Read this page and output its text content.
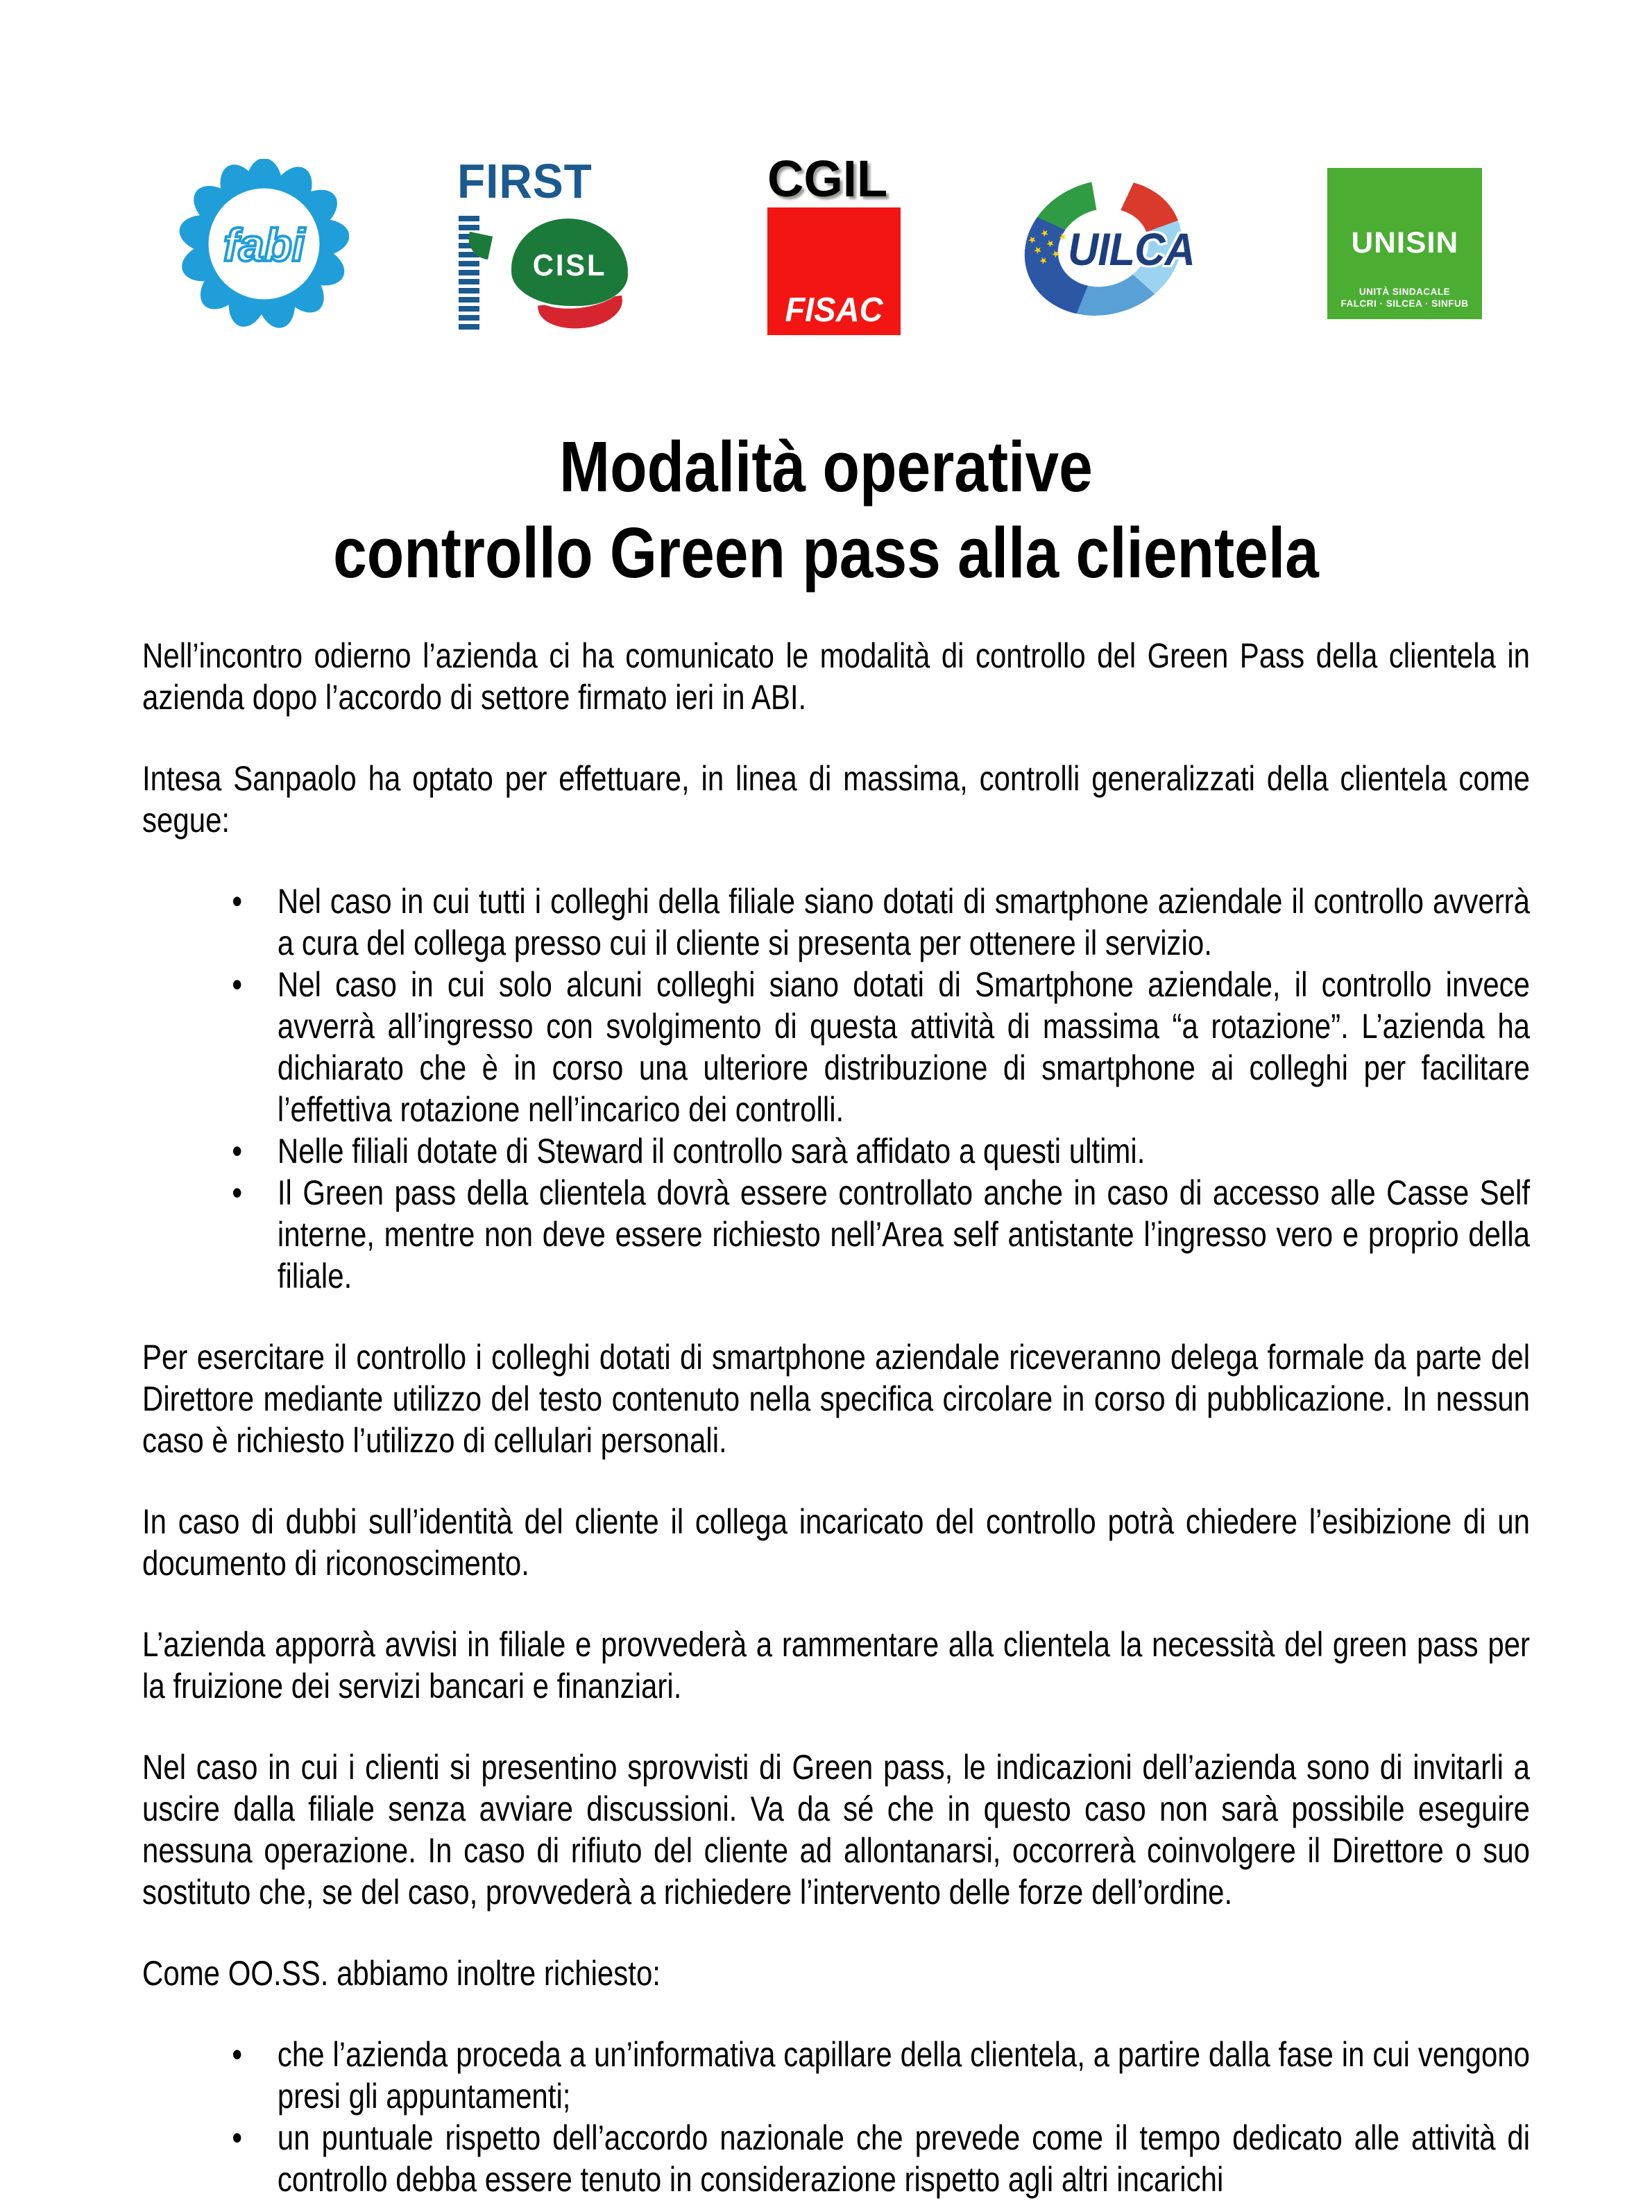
fabi
FIRST
CISL
CGIL
FISAC
★ ★ ★ ★ ★ ★ ★
UILCA	UNISIN
UNITÀ SINDACALE
FALCRI · SILCEA · SINFUB
Modalità operative
controllo Green pass alla clientela

Nell’incontro odierno l’azienda ci ha comunicato le modalità di controllo del Green Pass della clientela in azienda dopo l’accordo di settore firmato ieri in ABI.

Intesa Sanpaolo ha optato per effettuare, in linea di massima, controlli generalizzati della clientela come segue:

• Nel caso in cui tutti i colleghi della filiale siano dotati di smartphone aziendale il controllo avverrà a cura del collega presso cui il cliente si presenta per ottenere il servizio.
• Nel caso in cui solo alcuni colleghi siano dotati di Smartphone aziendale, il controllo invece avverrà all’ingresso con svolgimento di questa attività di massima “a rotazione”. L’azienda ha dichiarato che è in corso una ulteriore distribuzione di smartphone ai colleghi per facilitare l’effettiva rotazione nell’incarico dei controlli.
• Nelle filiali dotate di Steward il controllo sarà affidato a questi ultimi.
• Il Green pass della clientela dovrà essere controllato anche in caso di accesso alle Casse Self interne, mentre non deve essere richiesto nell’Area self antistante l’ingresso vero e proprio della filiale.

Per esercitare il controllo i colleghi dotati di smartphone aziendale riceveranno delega formale da parte del Direttore mediante utilizzo del testo contenuto nella specifica circolare in corso di pubblicazione. In nessun caso è richiesto l’utilizzo di cellulari personali.

In caso di dubbi sull’identità del cliente il collega incaricato del controllo potrà chiedere l’esibizione di un documento di riconoscimento.

L’azienda apporrà avvisi in filiale e provvederà a rammentare alla clientela la necessità del green pass per la fruizione dei servizi bancari e finanziari.

Nel caso in cui i clienti si presentino sprovvisti di Green pass, le indicazioni dell’azienda sono di invitarli a uscire dalla filiale senza avviare discussioni. Va da sé che in questo caso non sarà possibile eseguire nessuna operazione. In caso di rifiuto del cliente ad allontanarsi, occorrerà coinvolgere il Direttore o suo sostituto che, se del caso, provvederà a richiedere l’intervento delle forze dell’ordine.

Come OO.SS. abbiamo inoltre richiesto:

• che l’azienda proceda a un’informativa capillare della clientela, a partire dalla fase in cui vengono presi gli appuntamenti;
• un puntuale rispetto dell’accordo nazionale che prevede come il tempo dedicato alle attività di controllo debba essere tenuto in considerazione rispetto agli altri incarichi
